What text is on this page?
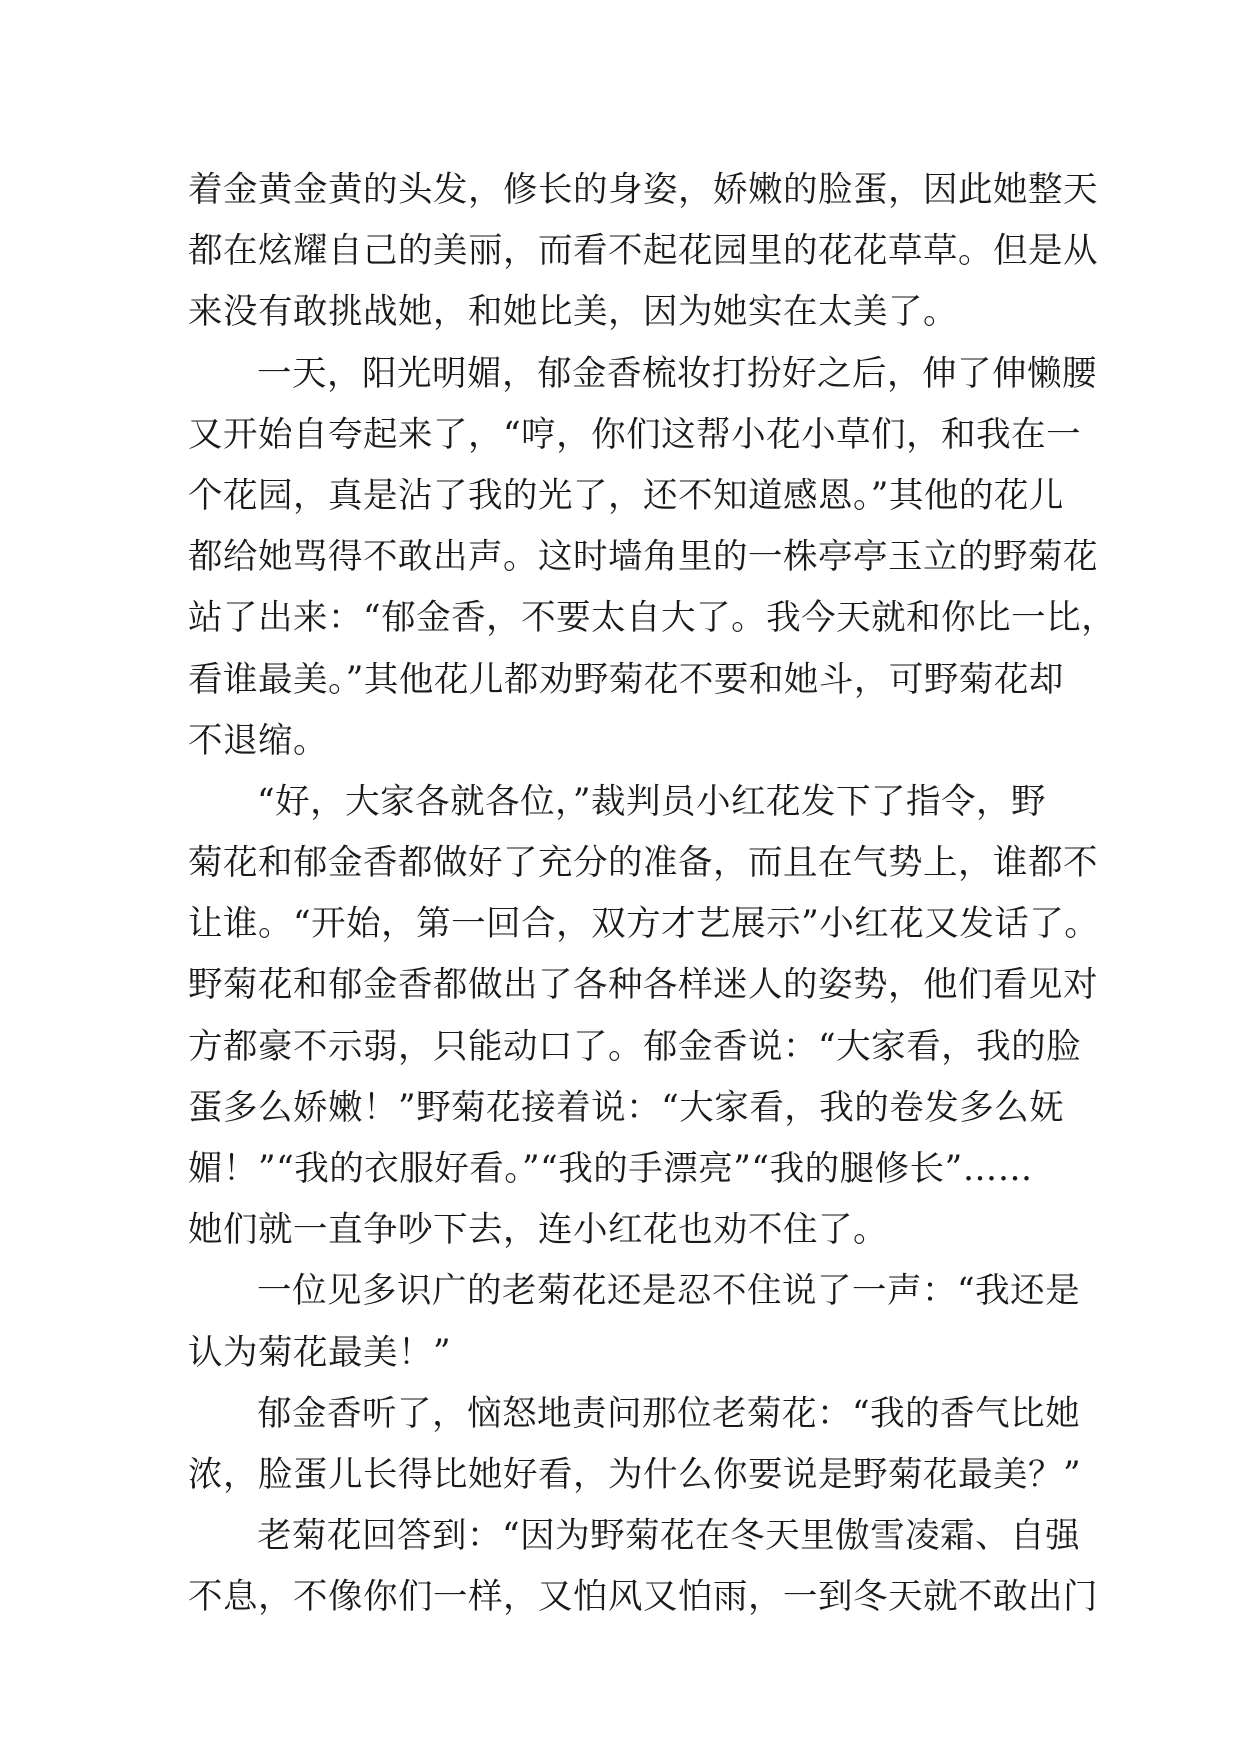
着金黄金黄的头发，修长的身姿，娇嫩的脸蛋，因此她整天
都在炫耀自己的美丽，而看不起花园里的花花草草。但是从
来没有敢挑战她，和她比美，因为她实在太美了。
一天，阳光明媚，郁金香梳妆打扮好之后，伸了伸懒腰
又开始自夸起来了，“哼，你们这帮小花小草们，和我在一
个花园，真是沾了我的光了，还不知道感恩。”其他的花儿
都给她骂得不敢出声。这时墙角里的一株亭亭玉立的野菊花
站了出来：“郁金香，不要太自大了。我今天就和你比一比，
看谁最美。”其他花儿都劝野菊花不要和她斗，可野菊花却
不退缩。
“好，大家各就各位，”裁判员小红花发下了指令，野
菊花和郁金香都做好了充分的准备，而且在气势上，谁都不
让谁。“开始，第一回合，双方才艺展示”小红花又发话了。
野菊花和郁金香都做出了各种各样迷人的姿势，他们看见对
方都豪不示弱，只能动口了。郁金香说：“大家看，我的脸
蛋多么娇嫩！”野菊花接着说：“大家看，我的卷发多么妩
媚！”“我的衣服好看。”“我的手漂亮”“我的腿修长”……
她们就一直争吵下去，连小红花也劝不住了。
一位见多识广的老菊花还是忍不住说了一声：“我还是
认为菊花最美！”
郁金香听了，恼怒地责问那位老菊花：“我的香气比她
浓，脸蛋儿长得比她好看，为什么你要说是野菊花最美？”
老菊花回答到：“因为野菊花在冬天里傲雪凌霜、自强
不息，不像你们一样，又怕风又怕雨，一到冬天就不敢出门
